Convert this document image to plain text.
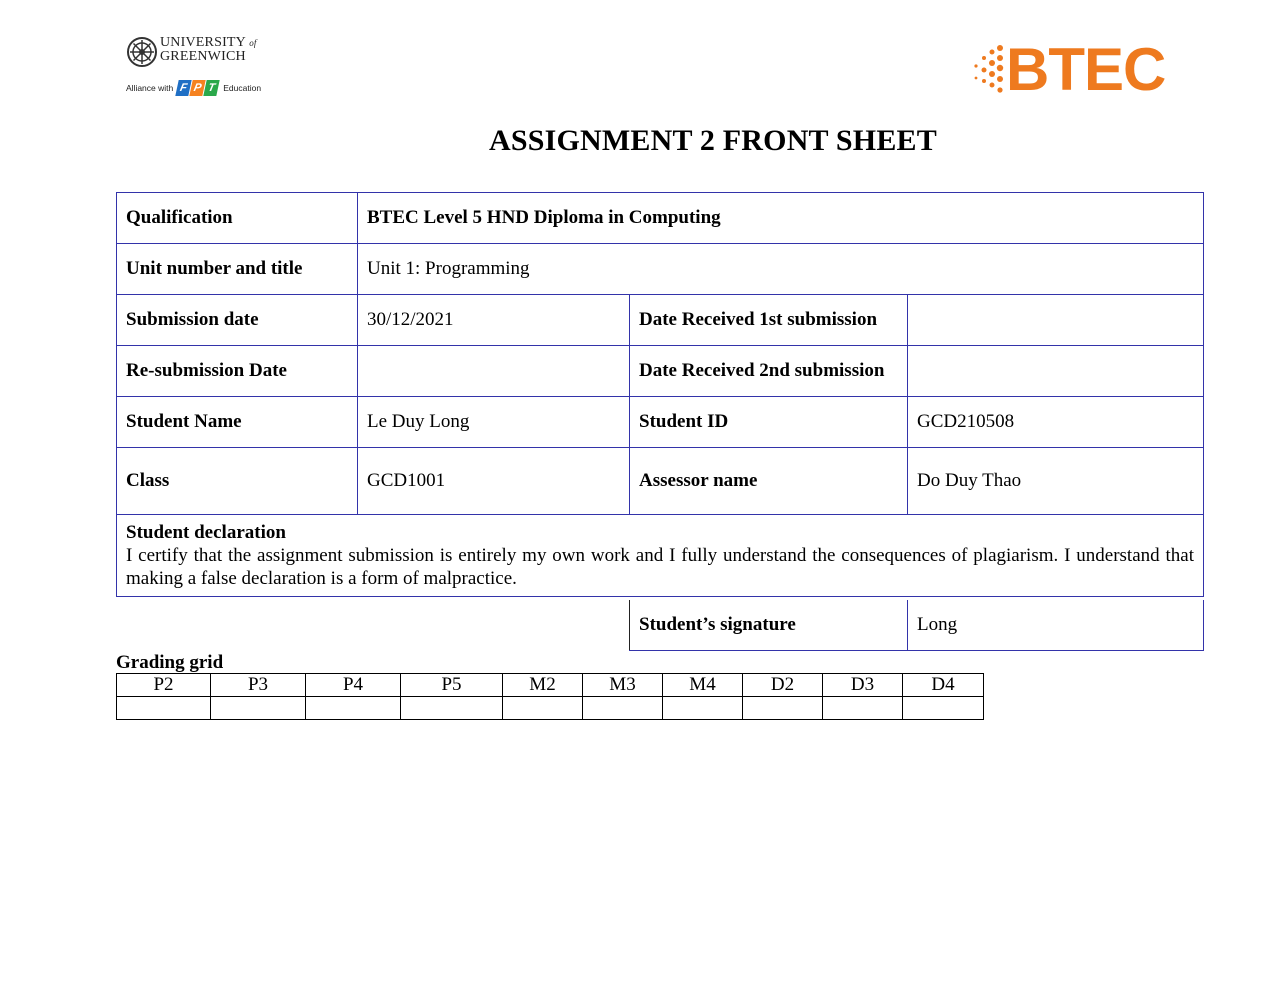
UNIVERSITY of
GREENWICH
Alliance with F P T Education	BTEC
ASSIGNMENT 2 FRONT SHEET
Qualification	BTEC Level 5 HND Diploma in Computing		
Unit number and title	Unit 1: Programming		
Submission date	30/12/2021	Date Received 1st submission	
Re-submission Date		Date Received 2nd submission	
Student Name	Le Duy Long	Student ID	GCD210508
Class	GCD1001	Assessor name	Do Duy Thao

Student declaration
I certify that the assignment submission is entirely my own work and I fully understand the consequences of plagiarism. I understand that making a false declaration is a form of malpractice.			
Student’s signature	Long
Grading grid
P2	P3	P4	P5	M2	M3	M4	D2	D3	D4
